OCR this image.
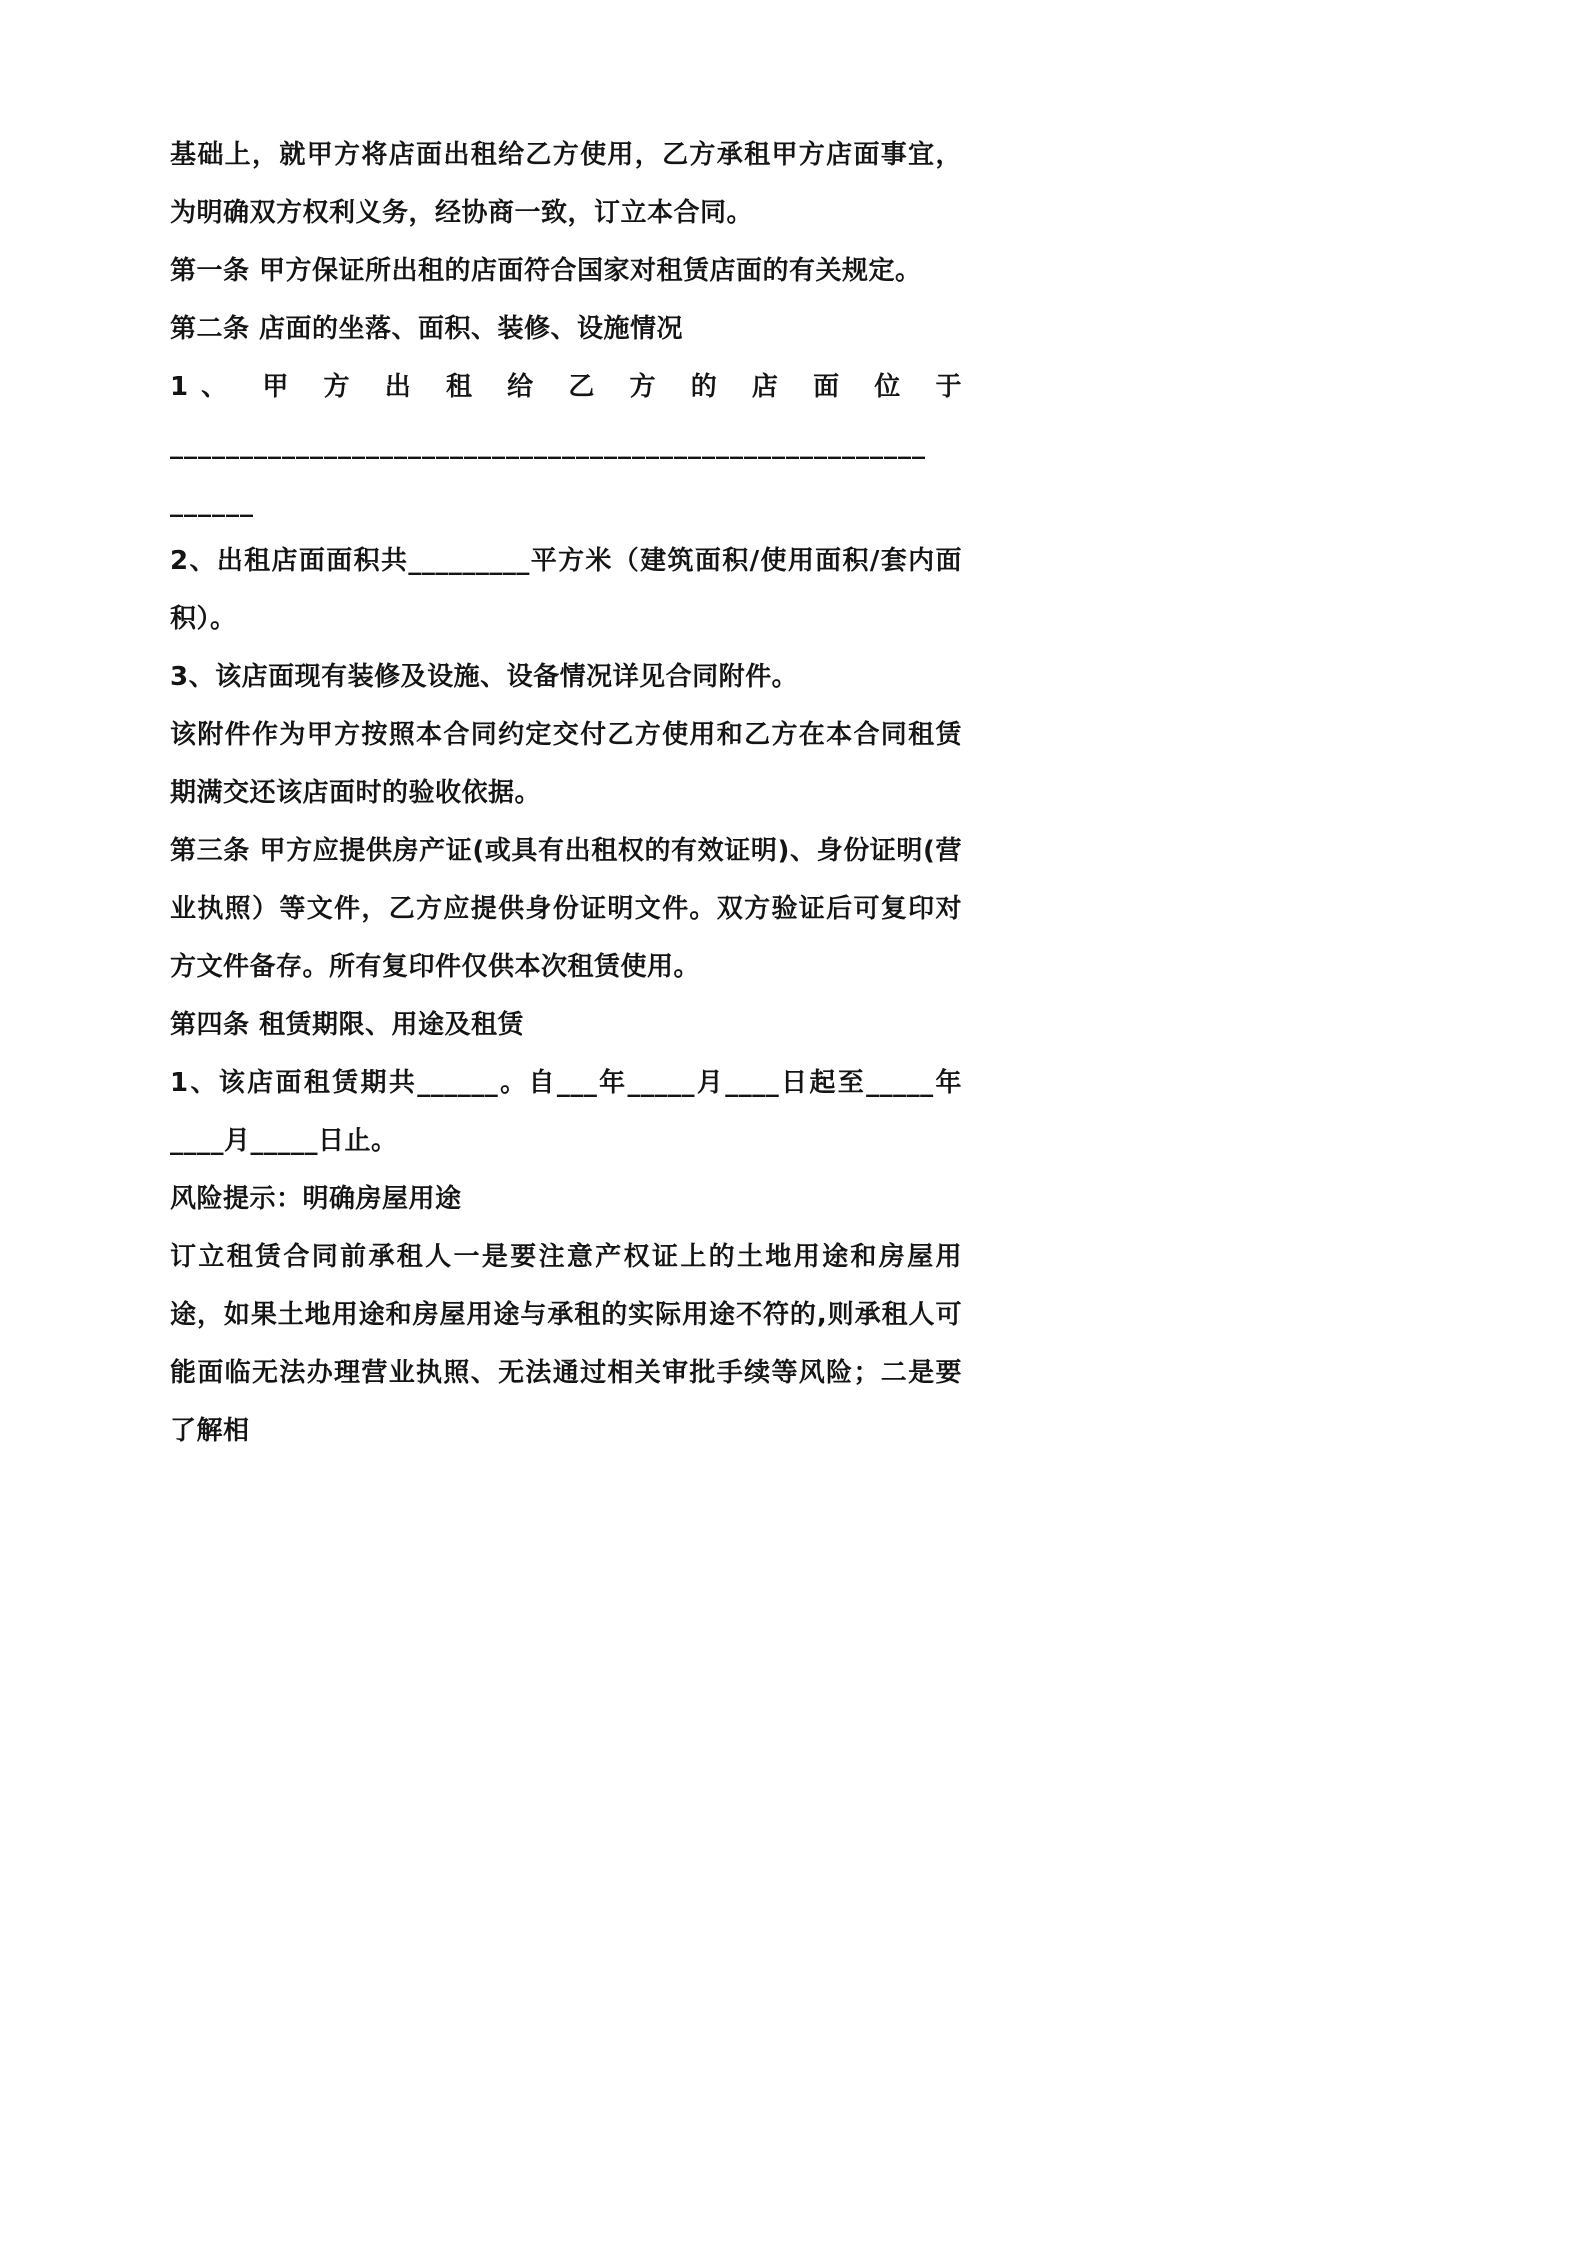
基础上，就甲方将店面出租给乙方使用，乙方承租甲方店面事宜，为明确双方权利义务，经协商一致，订立本合同。

第一条 甲方保证所出租的店面符合国家对租赁店面的有关规定。

第二条 店面的坐落、面积、装修、设施情况

1、 甲 方 出 租 给 乙 方 的 店 面 位 于

______________________________________________________

______

2、出租店面面积共_________平方米（建筑面积/使用面积/套内面积）。

3、该店面现有装修及设施、设备情况详见合同附件。

该附件作为甲方按照本合同约定交付乙方使用和乙方在本合同租赁期满交还该店面时的验收依据。

第三条 甲方应提供房产证(或具有出租权的有效证明)、身份证明(营业执照）等文件，乙方应提供身份证明文件。双方验证后可复印对方文件备存。所有复印件仅供本次租赁使用。

第四条 租赁期限、用途及租赁

1、该店面租赁期共______。自___年_____月____日起至_____年____月_____日止。

风险提示：明确房屋用途

订立租赁合同前承租人一是要注意产权证上的土地用途和房屋用途，如果土地用途和房屋用途与承租的实际用途不符的,则承租人可能面临无法办理营业执照、无法通过相关审批手续等风险；二是要了解相
